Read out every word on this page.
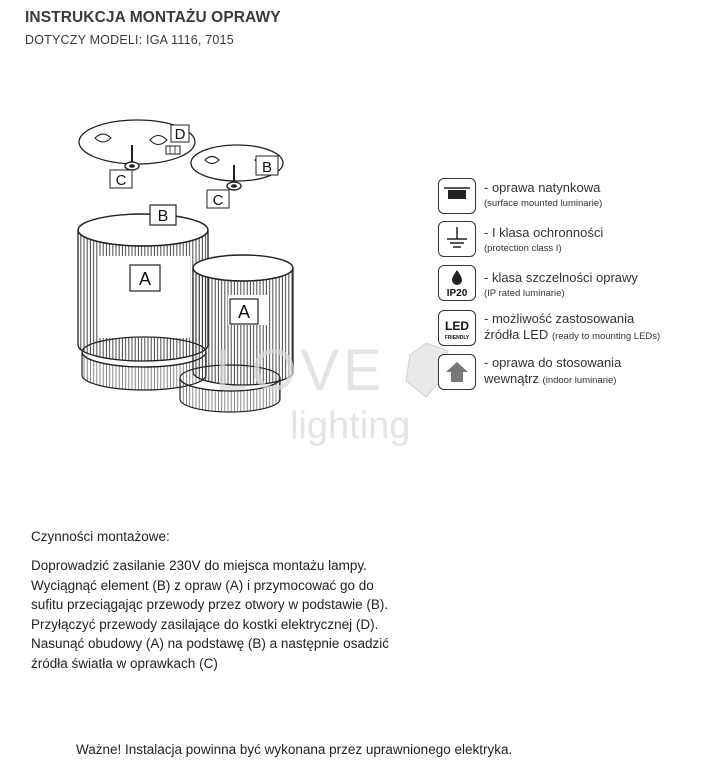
INSTRUKCJA MONTAŻU OPRAWY
DOTYCZY MODELI: IGA 1116, 7015
D
C
B
C
B
A
A
LOVE
lighting
- oprawa natynkowa
(surface mounted luminarie)
- I klasa ochronności
(protection class I)
IP20
- klasa szczelności oprawy
(IP rated luminarie)
LED
FRIENDLY
- możliwość zastosowania
źródła LED (ready to mounting LEDs)
- oprawa do stosowania
wewnątrz (indoor luminarie)
Czynności montażowe:
Doprowadzić zasilanie 230V do miejsca montażu lampy.
Wyciągnąć element (B) z opraw (A) i przymocować go do
sufitu przeciągając przewody przez otwory w podstawie (B).
Przyłączyć przewody zasilające do kostki elektrycznej (D).
Nasunąć obudowy (A) na podstawę (B) a następnie osadzić
źródła światła w oprawkach (C)
Ważne! Instalacja powinna być wykonana przez uprawnionego elektryka.
